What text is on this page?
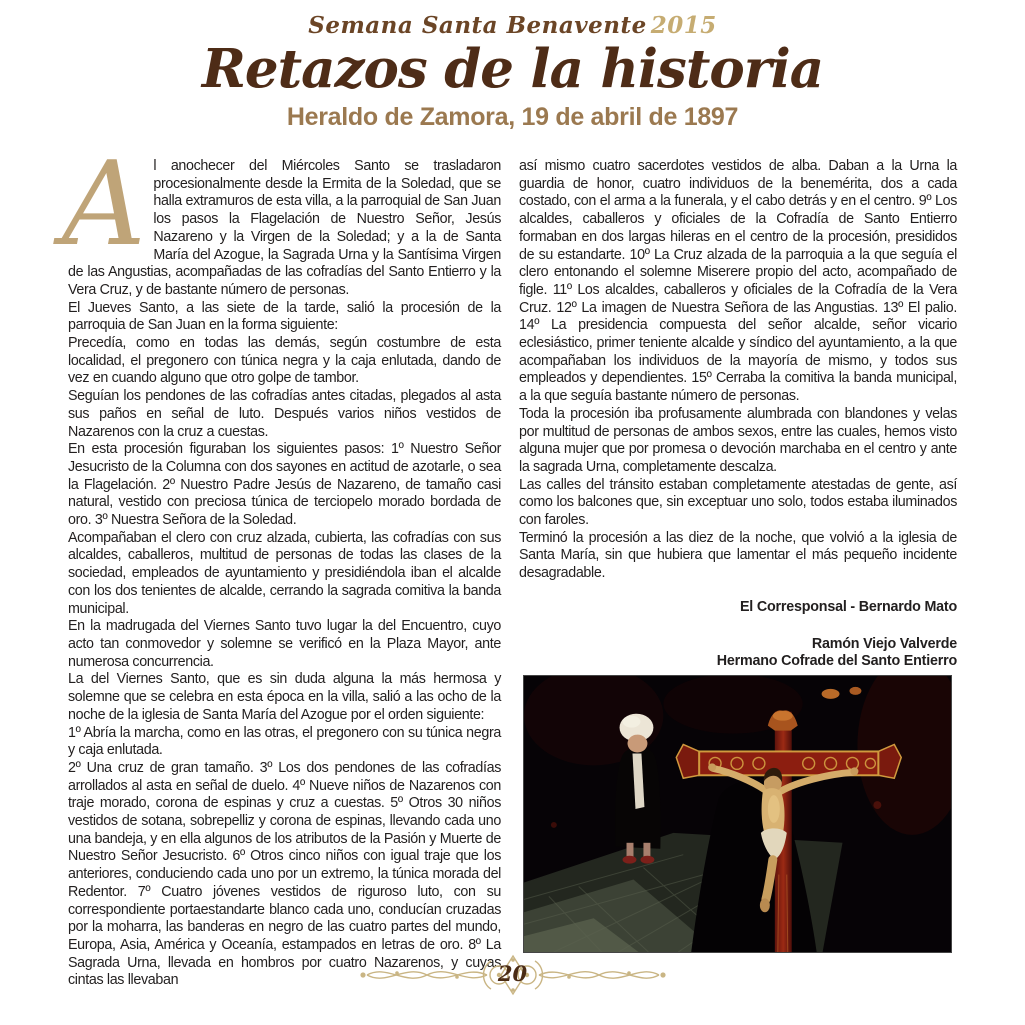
Semana Santa Benavente 2015
Retazos de la historia
Heraldo de Zamora, 19 de abril de 1897

Al anochecer del Miércoles Santo se trasladaron procesionalmente desde la Ermita de la Soledad, que se halla extramuros de esta villa, a la parroquial de San Juan los pasos la Flagelación de Nuestro Señor, Jesús Nazareno y la Virgen de la Soledad; y a la de Santa María del Azogue, la Sagrada Urna y la Santísima Virgen de las Angustias, acompañadas de las cofradías del Santo Entierro y la Vera Cruz, y de bastante número de personas.

El Jueves Santo, a las siete de la tarde, salió la procesión de la parroquia de San Juan en la forma siguiente:

Precedía, como en todas las demás, según costumbre de esta localidad, el pregonero con túnica negra y la caja enlutada, dando de vez en cuando alguno que otro golpe de tambor.

Seguían los pendones de las cofradías antes citadas, plegados al asta sus paños en señal de luto. Después varios niños vestidos de Nazarenos con la cruz a cuestas.

En esta procesión figuraban los siguientes pasos: 1º Nuestro Señor Jesucristo de la Columna con dos sayones en actitud de azotarle, o sea la Flagelación. 2º Nuestro Padre Jesús de Nazareno, de tamaño casi natural, vestido con preciosa túnica de terciopelo morado bordada de oro. 3º Nuestra Señora de la Soledad.

Acompañaban el clero con cruz alzada, cubierta, las cofradías con sus alcaldes, caballeros, multitud de personas de todas las clases de la sociedad, empleados de ayuntamiento y presidiéndola iban el alcalde con los dos tenientes de alcalde, cerrando la sagrada comitiva la banda municipal.

En la madrugada del Viernes Santo tuvo lugar la del Encuentro, cuyo acto tan conmovedor y solemne se verificó en la Plaza Mayor, ante numerosa concurrencia.

La del Viernes Santo, que es sin duda alguna la más hermosa y solemne que se celebra en esta época en la villa, salió a las ocho de la noche de la iglesia de Santa María del Azogue por el orden siguiente:

1º Abría la marcha, como en las otras, el pregonero con su túnica negra y caja enlutada.

2º Una cruz de gran tamaño. 3º Los dos pendones de las cofradías arrollados al asta en señal de duelo. 4º Nueve niños de Nazarenos con traje morado, corona de espinas y cruz a cuestas. 5º Otros 30 niños vestidos de sotana, sobrepelliz y corona de espinas, llevando cada uno una bandeja, y en ella algunos de los atributos de la Pasión y Muerte de Nuestro Señor Jesucristo. 6º Otros cinco niños con igual traje que los anteriores, conduciendo cada uno por un extremo, la túnica morada del Redentor. 7º Cuatro jóvenes vestidos de riguroso luto, con su correspondiente portaestandarte blanco cada uno, conducían cruzadas por la moharra, las banderas en negro de las cuatro partes del mundo, Europa, Asia, América y Oceanía, estampados en letras de oro. 8º La Sagrada Urna, llevada en hombros por cuatro Nazarenos, y cuyas cintas las llevaban

así mismo cuatro sacerdotes vestidos de alba. Daban a la Urna la guardia de honor, cuatro individuos de la benemérita, dos a cada costado, con el arma a la funerala, y el cabo detrás y en el centro. 9º Los alcaldes, caballeros y oficiales de la Cofradía de Santo Entierro formaban en dos largas hileras en el centro de la procesión, presididos de su estandarte. 10º La Cruz alzada de la parroquia a la que seguía el clero entonando el solemne Miserere propio del acto, acompañado de figle. 11º Los alcaldes, caballeros y oficiales de la Cofradía de la Vera Cruz. 12º La imagen de Nuestra Señora de las Angustias. 13º El palio. 14º La presidencia compuesta del señor alcalde, señor vicario eclesiástico, primer teniente alcalde y síndico del ayuntamiento, a la que acompañaban los individuos de la mayoría de mismo, y todos sus empleados y dependientes. 15º Cerraba la comitiva la banda municipal, a la que seguía bastante número de personas.

Toda la procesión iba profusamente alumbrada con blandones y velas por multitud de personas de ambos sexos, entre las cuales, hemos visto alguna mujer que por promesa o devoción marchaba en el centro y ante la sagrada Urna, completamente descalza.

Las calles del tránsito estaban completamente atestadas de gente, así como los balcones que, sin exceptuar uno solo, todos estaba iluminados con faroles.

Terminó la procesión a las diez de la noche, que volvió a la iglesia de Santa María, sin que hubiera que lamentar el más pequeño incidente desagradable.

El Corresponsal - Bernardo Mato
Ramón Viejo Valverde
Hermano Cofrade del Santo Entierro
20
